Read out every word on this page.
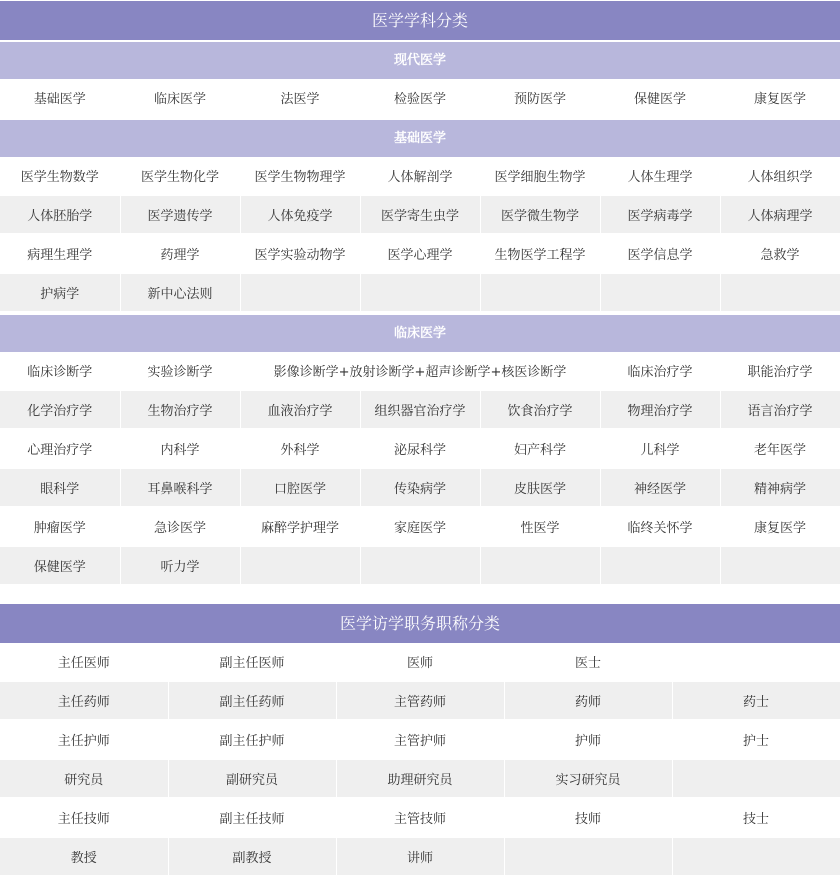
医学学科分类
现代医学
基础医学	临床医学	法医学	检验医学	预防医学	保健医学	康复医学
基础医学
医学生物数学	医学生物化学	医学生物物理学	人体解剖学	医学细胞生物学	人体生理学	人体组织学
人体胚胎学	医学遗传学	人体免疫学	医学寄生虫学	医学微生物学	医学病毒学	人体病理学
病理生理学	药理学	医学实验动物学	医学心理学	生物医学工程学	医学信息学	急救学
护病学	新中心法则					
临床医学
临床诊断学	实验诊断学	影像诊断学+放射诊断学+超声诊断学+核医诊断学			临床治疗学	职能治疗学
化学治疗学	生物治疗学	血液治疗学	组织器官治疗学	饮食治疗学	物理治疗学	语言治疗学
心理治疗学	内科学	外科学	泌尿科学	妇产科学	儿科学	老年医学
眼科学	耳鼻喉科学	口腔医学	传染病学	皮肤医学	神经医学	精神病学
肿瘤医学	急诊医学	麻醉学护理学	家庭医学	性医学	临终关怀学	康复医学
保健医学	听力学					
医学访学职务职称分类
主任医师	副主任医师	医师	医士	
主任药师	副主任药师	主管药师	药师	药士
主任护师	副主任护师	主管护师	护师	护士
研究员	副研究员	助理研究员	实习研究员	
主任技师	副主任技师	主管技师	技师	技士
教授	副教授	讲师		
